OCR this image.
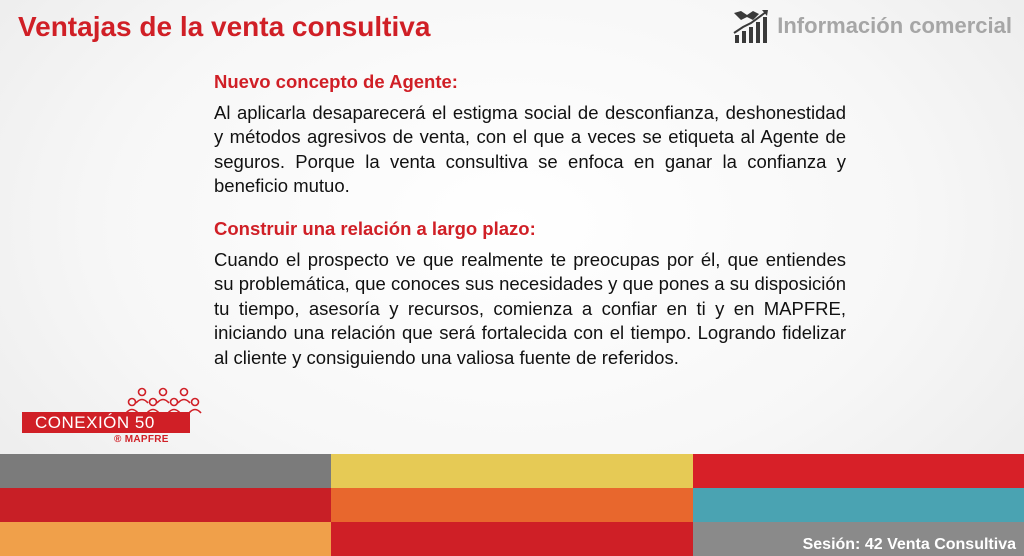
Ventajas de la venta consultiva	Información comercial
Nuevo concepto de Agente:

Al aplicarla desaparecerá el estigma social de desconfianza, deshonestidad y métodos agresivos de venta, con el que a veces se etiqueta al Agente de seguros. Porque la venta consultiva se enfoca en ganar la confianza y beneficio mutuo.

Construir una relación a largo plazo:

Cuando el prospecto ve que realmente te preocupas por él, que entiendes su problemática, que conoces sus necesidades y que pones a su disposición tu tiempo, asesoría y recursos, comienza a confiar en ti y en MAPFRE, iniciando una relación que será fortalecida con el tiempo. Logrando fidelizar al cliente y consiguiendo una valiosa fuente de referidos.

CONEXIÓN 50
® MAPFRE
Sesión: 42 Venta Consultiva
